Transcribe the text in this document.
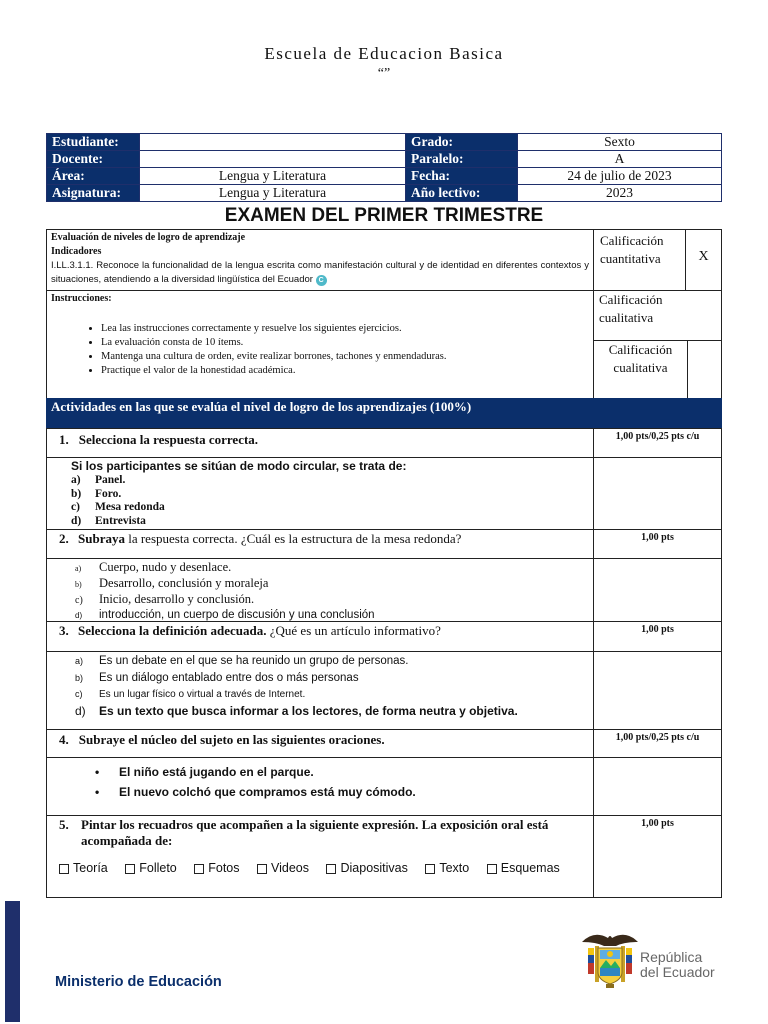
Escuela de Educacion Basica
“”
Estudiante:		Grado:	Sexto
Docente:		Paralelo:	A
Área:	Lengua y Literatura	Fecha:	24 de julio de 2023
Asignatura:	Lengua y Literatura	Año lectivo:	2023
EXAMEN DEL PRIMER TRIMESTRE
Evaluación de niveles de logro de aprendizaje
Indicadores
I.LL.3.1.1. Reconoce la funcionalidad de la lengua escrita como manifestación cultural y de identidad en diferentes contextos y situaciones, atendiendo a la diversidad lingüística del Ecuador C
Calificación cuantitativa	X
Instrucciones:
• Lea las instrucciones correctamente y resuelve los siguientes ejercicios.
• La evaluación consta de 10 ítems.
• Mantenga una cultura de orden, evite realizar borrones, tachones y enmendaduras.
• Practique el valor de la honestidad académica.
Calificación cualitativa
Calificación cualitativa
Actividades en las que se evalúa el nivel de logro de los aprendizajes (100%)
1. Selecciona la respuesta correcta.	1,00 pts/0,25 pts c/u
Si los participantes se sitúan de modo circular, se trata de:
a) Panel.
b) Foro.
c) Mesa redonda
d) Entrevista
2. Subraya la respuesta correcta. ¿Cuál es la estructura de la mesa redonda?	1,00 pts
a) Cuerpo, nudo y desenlace.
b) Desarrollo, conclusión y moraleja
c) Inicio, desarrollo y conclusión.
d) introducción, un cuerpo de discusión y una conclusión
3. Selecciona la definición adecuada. ¿Qué es un artículo informativo?	1,00 pts
a) Es un debate en el que se ha reunido un grupo de personas.
b) Es un diálogo entablado entre dos o más personas
c) Es un lugar físico o virtual a través de Internet.
d) Es un texto que busca informar a los lectores, de forma neutra y objetiva.
4. Subraye el núcleo del sujeto en las siguientes oraciones.	1,00 pts/0,25 pts c/u
• El niño está jugando en el parque.
• El nuevo colchó que compramos está muy cómodo.
5. Pintar los recuadros que acompañen a la siguiente expresión. La exposición oral está acompañada de:
Teoría	Folleto	Fotos	Videos	Diapositivas	Texto	Esquemas
1,00 pts
Ministerio de Educación
República
del Ecuador
